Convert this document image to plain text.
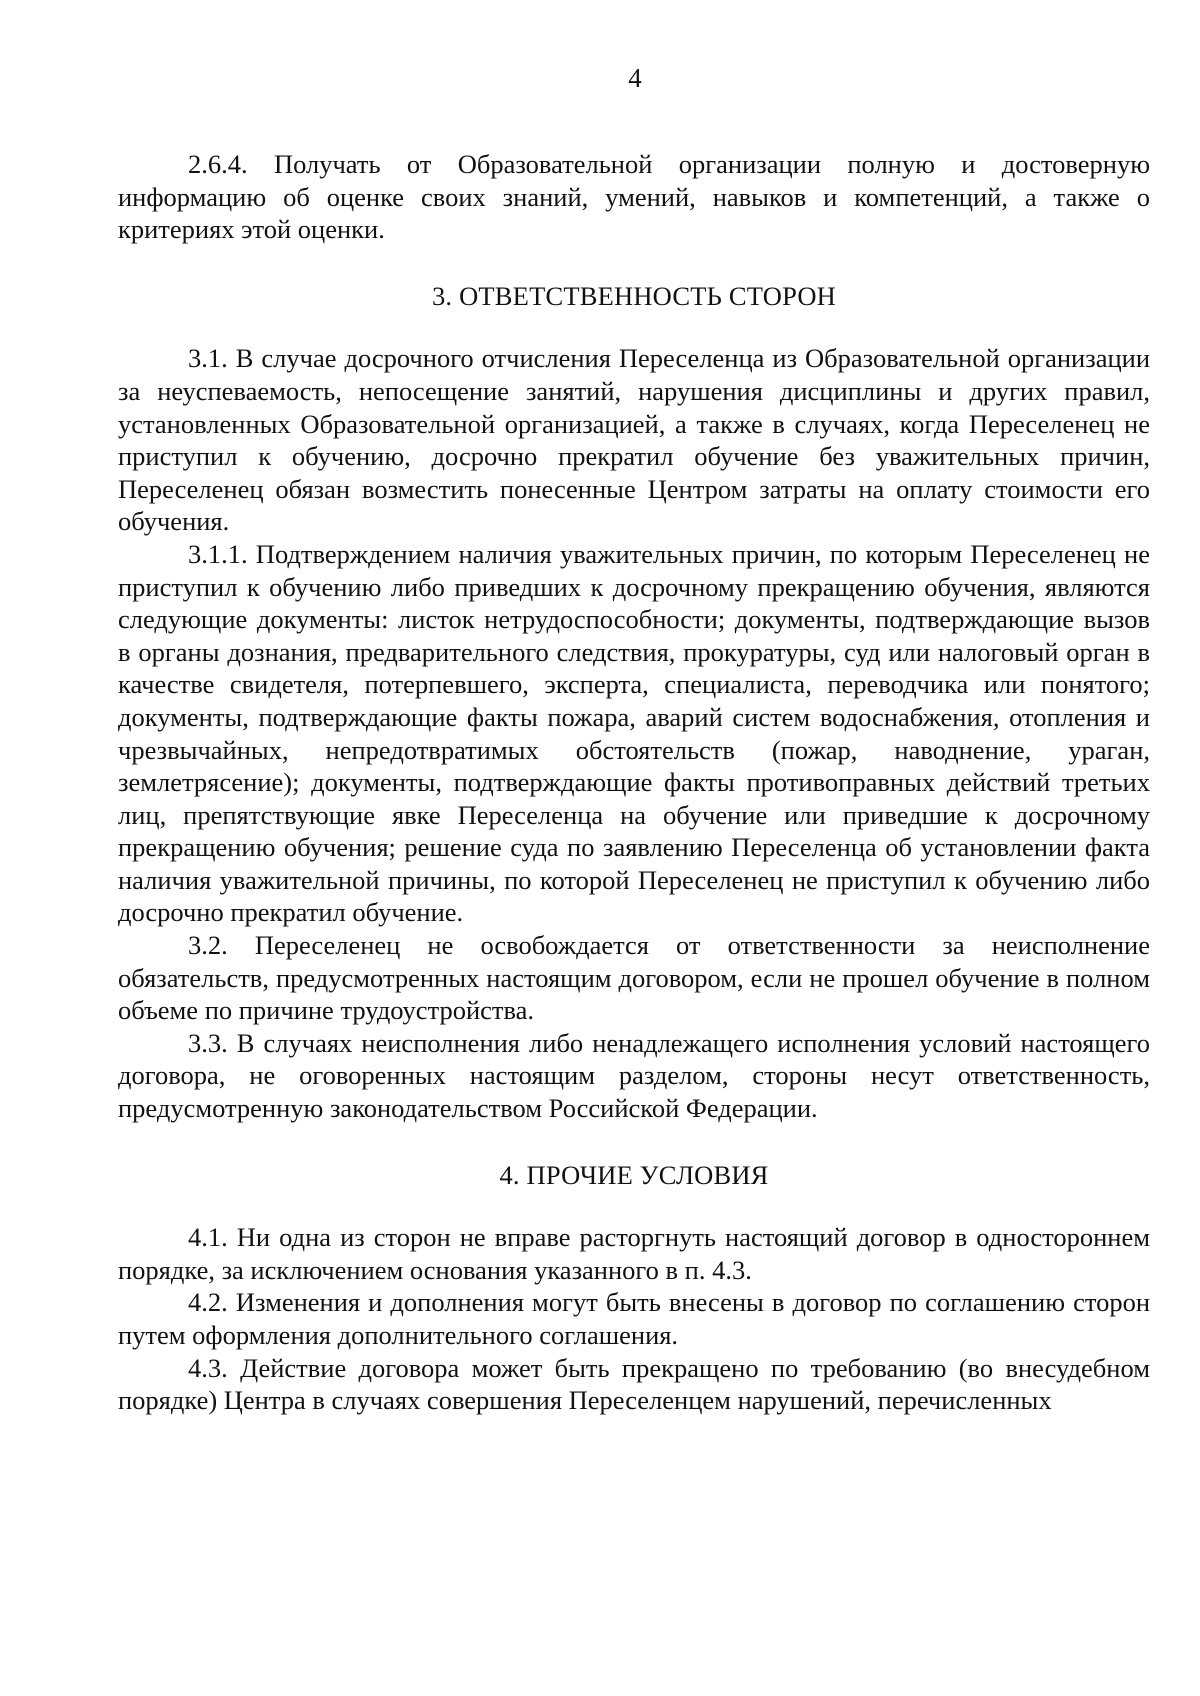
4

2.6.4. Получать от Образовательной организации полную и достоверную информацию об оценке своих знаний, умений, навыков и компетенций, а также о критериях этой оценки.

3. ОТВЕТСТВЕННОСТЬ СТОРОН

3.1. В случае досрочного отчисления Переселенца из Образовательной организации за неуспеваемость, непосещение занятий, нарушения дисциплины и других правил, установленных Образовательной организацией, а также в случаях, когда Переселенец не приступил к обучению, досрочно прекратил обучение без уважительных причин, Переселенец обязан возместить понесенные Центром затраты на оплату стоимости его обучения.

3.1.1. Подтверждением наличия уважительных причин, по которым Переселенец не приступил к обучению либо приведших к досрочному прекращению обучения, являются следующие документы: листок нетрудоспособности; документы, подтверждающие вызов в органы дознания, предварительного следствия, прокуратуры, суд или налоговый орган в качестве свидетеля, потерпевшего, эксперта, специалиста, переводчика или понятого; документы, подтверждающие факты пожара, аварий систем водоснабжения, отопления и чрезвычайных, непредотвратимых обстоятельств (пожар, наводнение, ураган, землетрясение); документы, подтверждающие факты противоправных действий третьих лиц, препятствующие явке Переселенца на обучение или приведшие к досрочному прекращению обучения; решение суда по заявлению Переселенца об установлении факта наличия уважительной причины, по которой Переселенец не приступил к обучению либо досрочно прекратил обучение.

3.2. Переселенец не освобождается от ответственности за неисполнение обязательств, предусмотренных настоящим договором, если не прошел обучение в полном объеме по причине трудоустройства.

3.3. В случаях неисполнения либо ненадлежащего исполнения условий настоящего договора, не оговоренных настоящим разделом, стороны несут ответственность, предусмотренную законодательством Российской Федерации.

4. ПРОЧИЕ УСЛОВИЯ

4.1. Ни одна из сторон не вправе расторгнуть настоящий договор в одностороннем порядке, за исключением основания указанного в п. 4.3.

4.2. Изменения и дополнения могут быть внесены в договор по соглашению сторон путем оформления дополнительного соглашения.

4.3. Действие договора может быть прекращено по требованию (во внесудебном порядке) Центра в случаях совершения Переселенцем нарушений, перечисленных
